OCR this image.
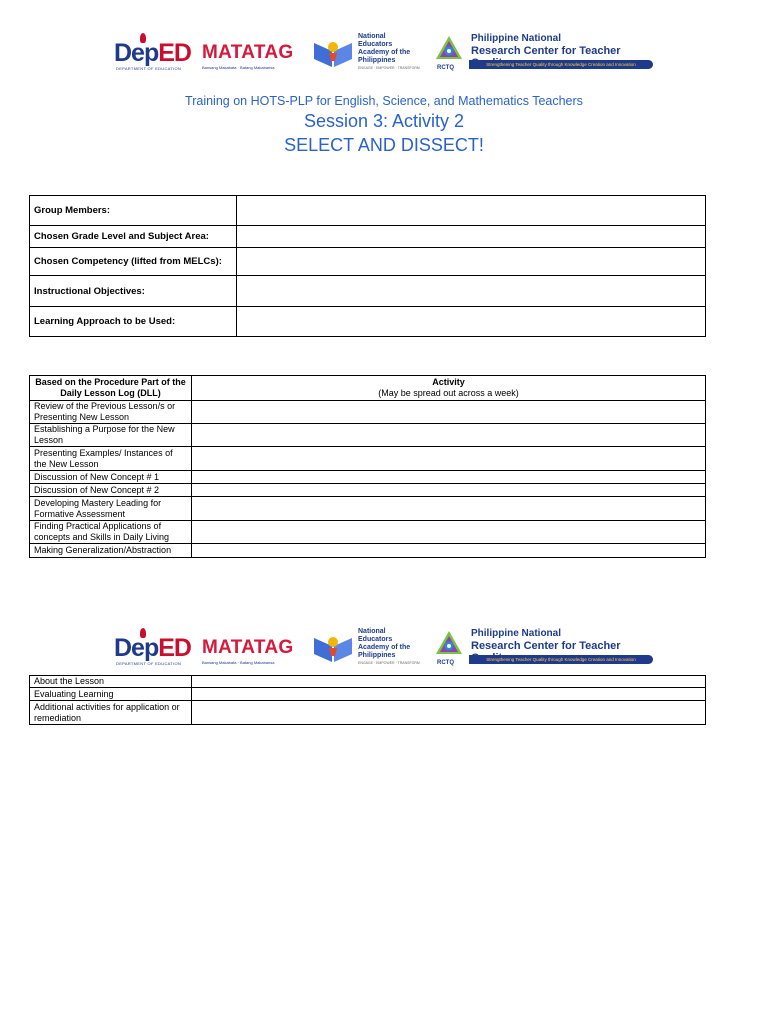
DepED
DEPARTMENT OF EDUCATION
MATATAG
Bansang Makabata · Batang Makabansa
National Educators Academy of the Philippines
ENGAGE · EMPOWER · TRANSFORM	RCTQ
Philippine National
Research Center for Teacher
Strengthening Teacher Quality through Knowledge Creation and Innovation

Training on HOTS-PLP for English, Science, and Mathematics Teachers

Session 3: Activity 2

SELECT AND DISSECT!

Group Members:	
Chosen Grade Level and Subject Area:	
Chosen Competency (lifted from MELCs):	
Instructional Objectives:	
Learning Approach to be Used:	
Based on the Procedure Part of the Daily Lesson Log (DLL)	Activity
(May be spread out across a week)

Review of the Previous Lesson/s or Presenting New Lesson	
Establishing a Purpose for the New Lesson	
Presenting Examples/ Instances of the New Lesson	
Discussion of New Concept # 1	
Discussion of New Concept # 2	
Developing Mastery Leading for Formative Assessment	
Finding Practical Applications of concepts and Skills in Daily Living	
Making Generalization/Abstraction	
DepED
DEPARTMENT OF EDUCATION
MATATAG
Bansang Makabata · Batang Makabansa
National Educators Academy of the Philippines
ENGAGE · EMPOWER · TRANSFORM	RCTQ
Philippine National
Research Center for Teacher
Strengthening Teacher Quality through Knowledge Creation and Innovation
About the Lesson	
Evaluating Learning	
Additional activities for application or remediation	
